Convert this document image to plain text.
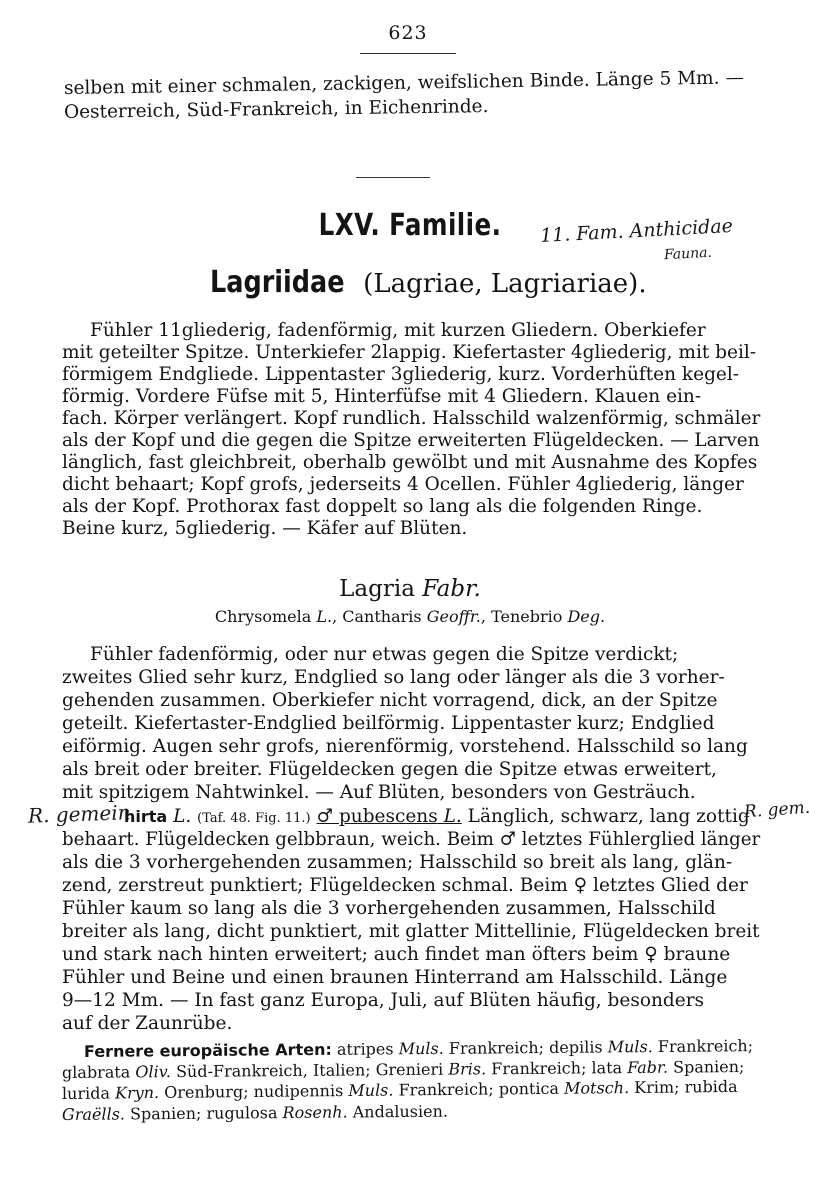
623
selben mit einer schmalen, zackigen, weifslichen Binde. Länge 5 Mm. —
Oesterreich, Süd-Frankreich, in Eichenrinde.
LXV. Familie.	11. Fam. Anthicidae
Fauna.
Lagriidae (Lagriae, Lagriariae).
Fühler 11gliederig, fadenförmig, mit kurzen Gliedern. Oberkiefer
mit geteilter Spitze. Unterkiefer 2lappig. Kiefertaster 4gliederig, mit beil-
förmigem Endgliede. Lippentaster 3gliederig, kurz. Vorderhüften kegel-
förmig. Vordere Füfse mit 5, Hinterfüfse mit 4 Gliedern. Klauen ein-
fach. Körper verlängert. Kopf rundlich. Halsschild walzenförmig, schmäler
als der Kopf und die gegen die Spitze erweiterten Flügeldecken. — Larven
länglich, fast gleichbreit, oberhalb gewölbt und mit Ausnahme des Kopfes
dicht behaart; Kopf grofs, jederseits 4 Ocellen. Fühler 4gliederig, länger
als der Kopf. Prothorax fast doppelt so lang als die folgenden Ringe.
Beine kurz, 5gliederig. — Käfer auf Blüten.
Lagria Fabr.
Chrysomela L., Cantharis Geoffr., Tenebrio Deg.
Fühler fadenförmig, oder nur etwas gegen die Spitze verdickt;
zweites Glied sehr kurz, Endglied so lang oder länger als die 3 vorher-
gehenden zusammen. Oberkiefer nicht vorragend, dick, an der Spitze
geteilt. Kiefertaster-Endglied beilförmig. Lippentaster kurz; Endglied
eiförmig. Augen sehr grofs, nierenförmig, vorstehend. Halsschild so lang
als breit oder breiter. Flügeldecken gegen die Spitze etwas erweitert,
mit spitzigem Nahtwinkel. — Auf Blüten, besonders von Gesträuch.
R. gemein	R. gem.
hirta L. (Taf. 48. Fig. 11.) ♂ pubescens L. Länglich, schwarz, lang zottig
behaart. Flügeldecken gelbbraun, weich. Beim ♂ letztes Fühlerglied länger
als die 3 vorhergehenden zusammen; Halsschild so breit als lang, glän-
zend, zerstreut punktiert; Flügeldecken schmal. Beim ♀ letztes Glied der
Fühler kaum so lang als die 3 vorhergehenden zusammen, Halsschild
breiter als lang, dicht punktiert, mit glatter Mittellinie, Flügeldecken breit
und stark nach hinten erweitert; auch findet man öfters beim ♀ braune
Fühler und Beine und einen braunen Hinterrand am Halsschild. Länge
9—12 Mm. — In fast ganz Europa, Juli, auf Blüten häufig, besonders
auf der Zaunrübe.
Fernere europäische Arten: atripes Muls. Frankreich; depilis Muls. Frankreich;
glabrata Oliv. Süd-Frankreich, Italien; Grenieri Bris. Frankreich; lata Fabr. Spanien;
lurida Kryn. Orenburg; nudipennis Muls. Frankreich; pontica Motsch. Krim; rubida
Graëlls. Spanien; rugulosa Rosenh. Andalusien.
